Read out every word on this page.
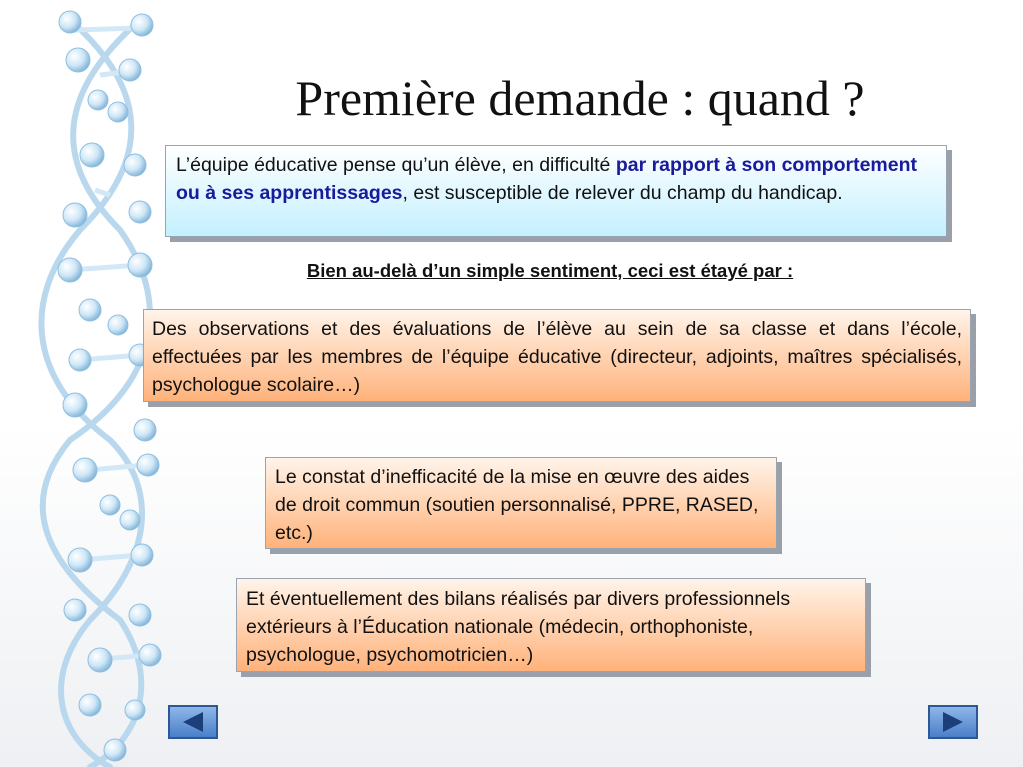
Première demande : quand ?
L’équipe éducative pense qu’un élève, en difficulté par rapport à son comportement ou à ses apprentissages, est susceptible de relever du champ du handicap.
Bien au-delà d’un simple sentiment, ceci est étayé par :
Des observations et des évaluations de l’élève au sein de sa classe et dans l’école, effectuées par les membres de l’équipe éducative (directeur, adjoints, maîtres spécialisés, psychologue scolaire…)
Le constat d’inefficacité de la mise en œuvre des aides de droit commun (soutien personnalisé, PPRE, RASED, etc.)
Et éventuellement des bilans réalisés par divers professionnels extérieurs à l’Éducation nationale (médecin, orthophoniste, psychologue, psychomotricien…)
